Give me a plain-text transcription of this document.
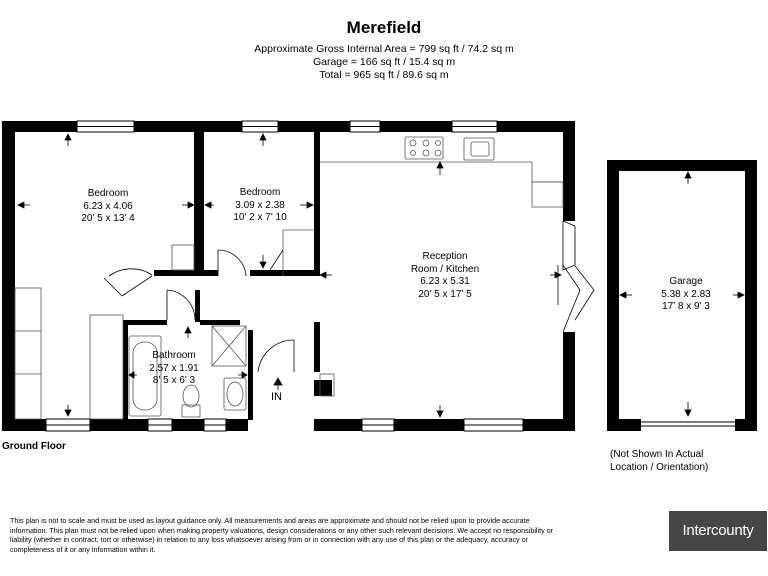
Merefield
Approximate Gross Internal Area = 799 sq ft / 74.2 sq m
Garage = 166 sq ft / 15.4 sq m
Total = 965 sq ft / 89.6 sq m
Bedroom
6.23 x 4.06
20' 5 x 13' 4
Bedroom
3.09 x 2.38
10' 2 x 7' 10
Reception
Room / Kitchen
6.23 x 5.31
20' 5 x 17' 5
Bathroom
2.57 x 1.91
8' 5 x 6' 3
Garage
5.38 x 2.83
17' 8 x 9' 3
IN
Ground Floor
(Not Shown In Actual
Location / Orientation)
This plan is not to scale and must be used as layout guidance only. All measurements and areas are approximate and should not be relied upon to provide accurate information. This plan must not be relied upon when making property valuations, design considerations or any other such relevant decisions. We accept no responsibility or liability (whether in contract, tort or otherwise) in relation to any loss whatsoever arising from or in connection with any use of this plan or the adequacy, accuracy or completeness of it or any information within it.
Intercounty
